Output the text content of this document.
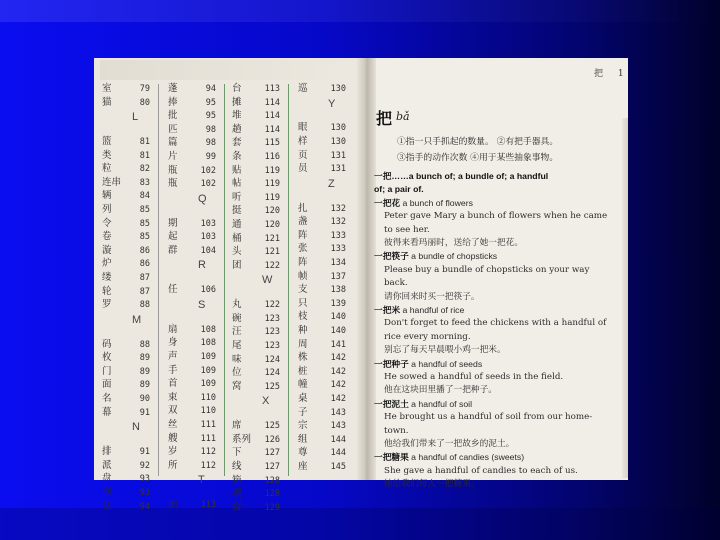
室	79
猫	80
L
篮	81
类	81
粒	82
连串	83
辆	84
列	85
令	85
卷	85
漩	86
炉	86
缕	87
轮	87
罗	88
M
码	88
枚	89
门	89
面	89
名	90
幕	91
N
排	91
派	92
盘	93
泡	93
盆	94
蓬	94
捧	95
批	95
匹	98
篇	98
片	99
瓶	102
瓶	102
Q
期	103
起	103
群	104
R
任	106
S
扇	108
身	108
声	109
手	109
首	109
束	110
双	110
丝	111
艘	111
岁	112
所	112
T
胎	113
台	113
摊	114
堆	114
趟	114
套	115
条	116
贴	119
帖	119
听	119
挺	120
通	120
桶	121
头	121
团	122
W
丸	122
碗	123
汪	123
尾	123
味	124
位	124
窝	125
X
席	125
系列	126
下	127
线	127
箱	128
项	128
宿	129
巡	130
Y
眼	130
样	130
页	131
员	131
Z
扎	132
盏	132
阵	133
张	133
阵	134
帧	137
支	138
只	139
枝	140
种	140
周	141
株	142
桩	142
幢	142
桌	142
子	143
宗	143
组	144
尊	144
座	145
把 1
把 bǎ
①指一只手抓起的数量。 ②有把手器具。
③指手的动作次数 ④用于某些抽象事物。
一把……a bunch of; a bundle of; a handful
of; a pair of.
一把花 a bunch of flowers
Peter gave Mary a bunch of flowers when he came
to see her.
彼得来看玛丽时，送给了她一把花。
一把筷子 a bundle of chopsticks
Please buy a bundle of chopsticks on your way
back.
请你回来时买一把筷子。
一把米 a handful of rice
Don't forget to feed the chickens with a handful of
rice every morning.
别忘了每天早晨喂小鸡一把米。
一把种子 a handful of seeds
He sowed a handful of seeds in the field.
他在这块田里播了一把种子。
一把泥土 a handful of soil
He brought us a handful of soil from our home-
town.
他给我们带来了一把故乡的泥土。
一把糖果 a handful of candies (sweets)
She gave a handful of candies to each of us.
她给我们每人一把糖果。
